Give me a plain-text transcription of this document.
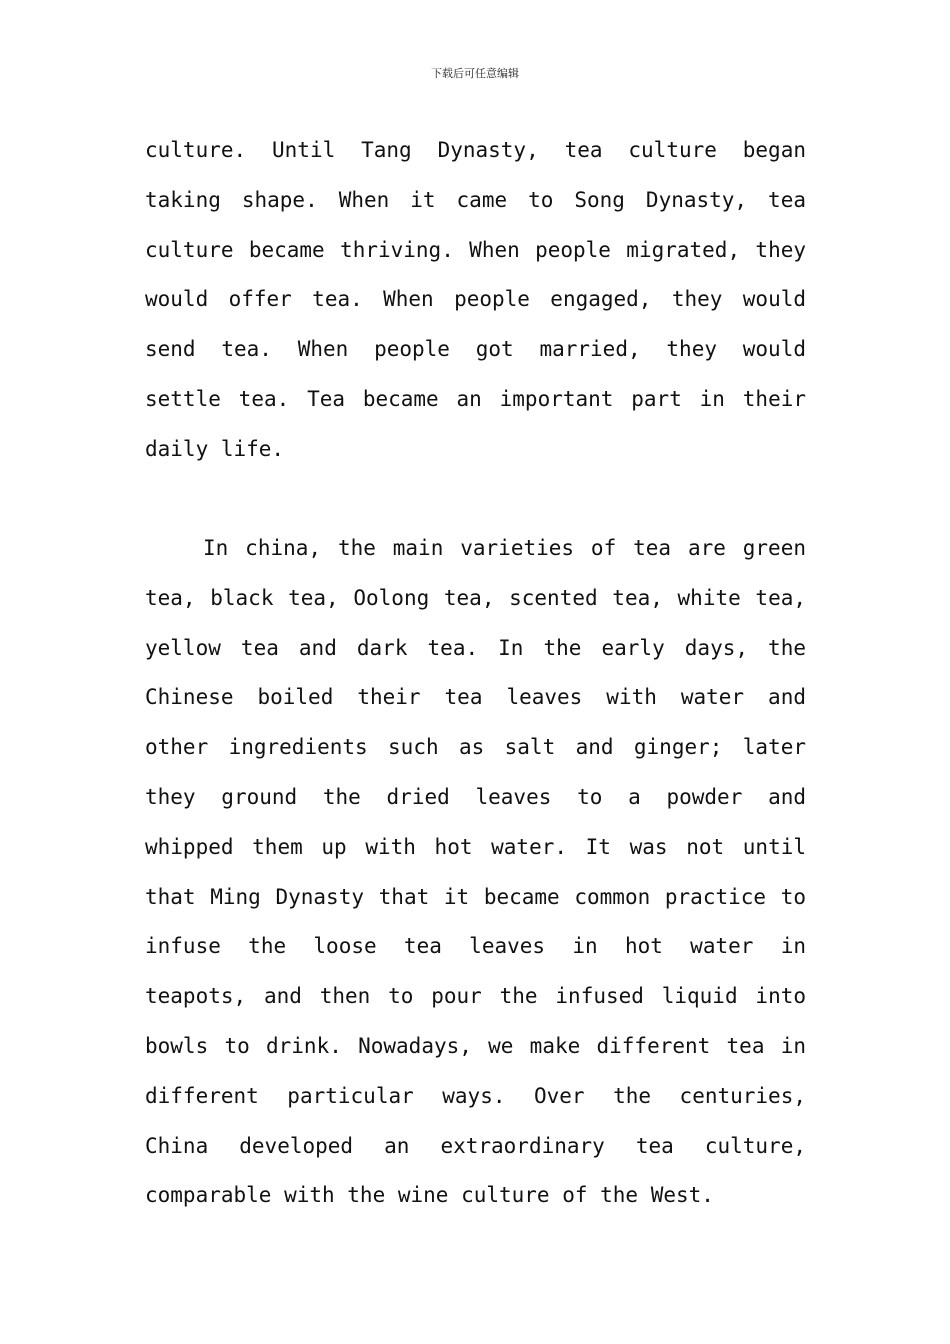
下载后可任意编辑
culture. Until Tang Dynasty, tea culture began
taking shape. When it came to Song Dynasty, tea
culture became thriving. When people migrated, they
would offer tea. When people engaged, they would
send tea. When people got married, they would
settle tea. Tea became an important part in their
daily life.
In china, the main varieties of tea are green
tea, black tea, Oolong tea, scented tea, white tea,
yellow tea and dark tea. In the early days, the
Chinese boiled their tea leaves with water and
other ingredients such as salt and ginger; later
they ground the dried leaves to a powder and
whipped them up with hot water. It was not until
that Ming Dynasty that it became common practice to
infuse the loose tea leaves in hot water in
teapots, and then to pour the infused liquid into
bowls to drink. Nowadays, we make different tea in
different particular ways. Over the centuries,
China developed an extraordinary tea culture,
comparable with the wine culture of the West.
